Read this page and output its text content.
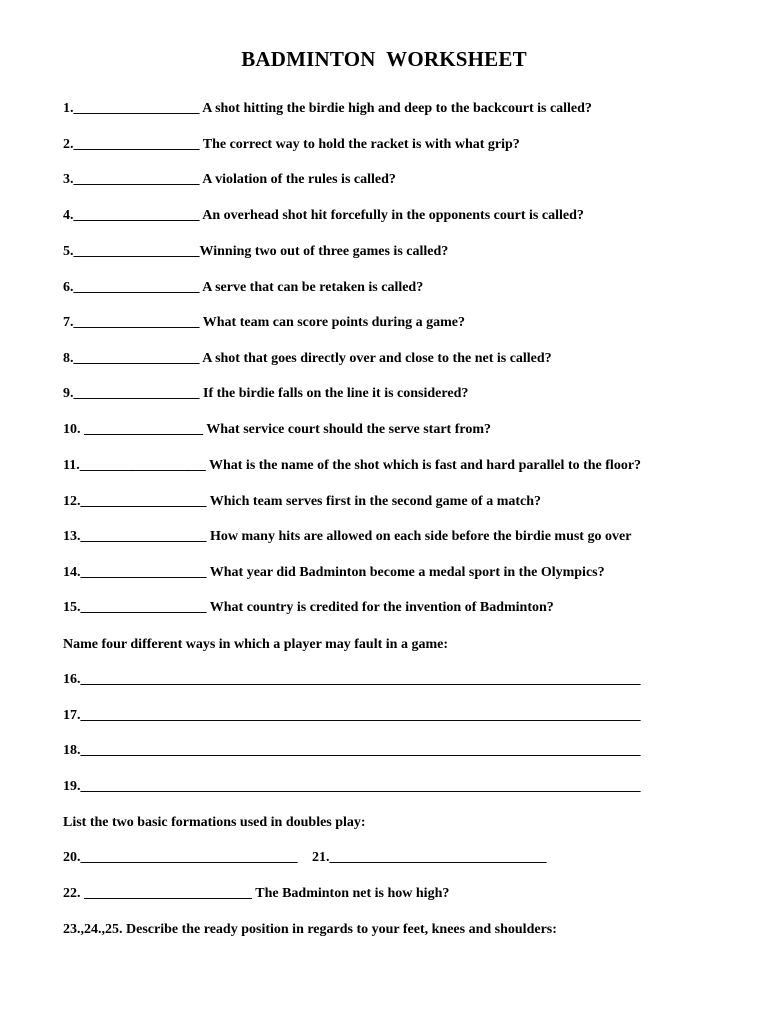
BADMINTON  WORKSHEET
1.__________________ A shot hitting the birdie high and deep to the backcourt is called?
2.__________________ The correct way to hold the racket is with what grip?
3.__________________ A violation of the rules is called?
4.__________________ An overhead shot hit forcefully in the opponents court is called?
5.__________________Winning two out of three games is called?
6.__________________ A serve that can be retaken is called?
7.__________________ What team can score points during a game?
8.__________________ A shot that goes directly over and close to the net is called?
9.__________________ If the birdie falls on the line it is considered?
10. _________________ What service court should the serve start from?
11.__________________ What is the name of the shot which is fast and hard parallel to the floor?
12.__________________ Which team serves first in the second game of a match?
13.__________________ How many hits are allowed on each side before the birdie must go over
14.__________________ What year did Badminton become a medal sport in the Olympics?
15.__________________ What country is credited for the invention of Badminton?
Name four different ways in which a player may fault in a game:
16.________________________________________________________________________________
17.________________________________________________________________________________
18.________________________________________________________________________________
19.________________________________________________________________________________
List the two basic formations used in doubles play:
20._______________________________ 21._______________________________
22. ________________________ The Badminton net is how high?
23.,24.,25. Describe the ready position in regards to your feet, knees and shoulders:
